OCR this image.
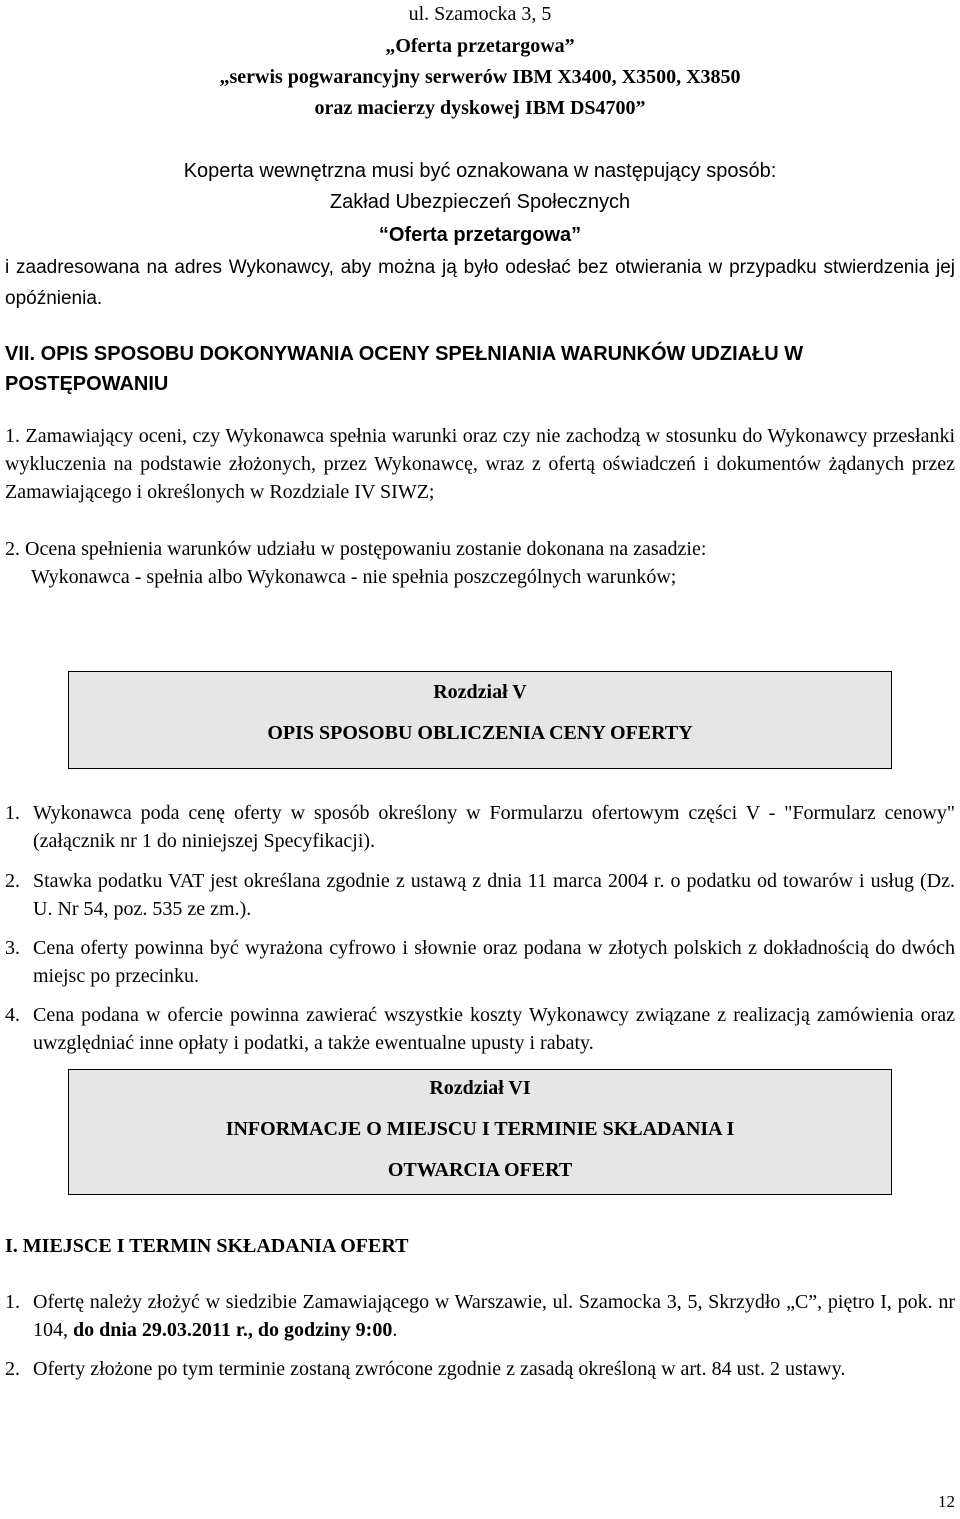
ul. Szamocka 3, 5
„Oferta przetargowa”
„serwis pogwarancyjny serwerów IBM X3400, X3500, X3850
oraz macierzy dyskowej IBM DS4700”
Koperta wewnętrzna musi być oznakowana w następujący sposób:
Zakład Ubezpieczeń Społecznych
“Oferta przetargowa”
i zaadresowana na adres Wykonawcy, aby można ją było odesłać bez otwierania w przypadku stwierdzenia jej opóźnienia.
VII. OPIS SPOSOBU DOKONYWANIA OCENY SPEŁNIANIA WARUNKÓW UDZIAŁU W POSTĘPOWANIU
1. Zamawiający oceni, czy Wykonawca spełnia warunki oraz czy nie zachodzą w stosunku do Wykonawcy przesłanki wykluczenia na podstawie złożonych, przez Wykonawcę, wraz z ofertą oświadczeń i dokumentów żądanych przez Zamawiającego i określonych w Rozdziale IV SIWZ;
2. Ocena spełnienia warunków udziału w postępowaniu zostanie dokonana na zasadzie:
Wykonawca - spełnia albo Wykonawca - nie spełnia poszczególnych warunków;
Rozdział V
OPIS SPOSOBU OBLICZENIA CENY OFERTY
1. Wykonawca poda cenę oferty w sposób określony w Formularzu ofertowym części V - "Formularz cenowy" (załącznik nr 1 do niniejszej Specyfikacji).
2. Stawka podatku VAT jest określana zgodnie z ustawą z dnia 11 marca 2004 r. o podatku od towarów i usług (Dz. U. Nr 54, poz. 535 ze zm.).
3. Cena oferty powinna być wyrażona cyfrowo i słownie oraz podana w złotych polskich z dokładnością do dwóch miejsc po przecinku.
4. Cena podana w ofercie powinna zawierać wszystkie koszty Wykonawcy związane z realizacją zamówienia oraz uwzględniać inne opłaty i podatki, a także ewentualne upusty i rabaty.
Rozdział VI
INFORMACJE O MIEJSCU I TERMINIE SKŁADANIA I
OTWARCIA OFERT
I. MIEJSCE I TERMIN SKŁADANIA OFERT
1. Ofertę należy złożyć w siedzibie Zamawiającego w Warszawie, ul. Szamocka 3, 5, Skrzydło „C”, piętro I, pok. nr 104, do dnia 29.03.2011 r., do godziny 9:00.
2. Oferty złożone po tym terminie zostaną zwrócone zgodnie z zasadą określoną w art. 84 ust. 2 ustawy.
12
